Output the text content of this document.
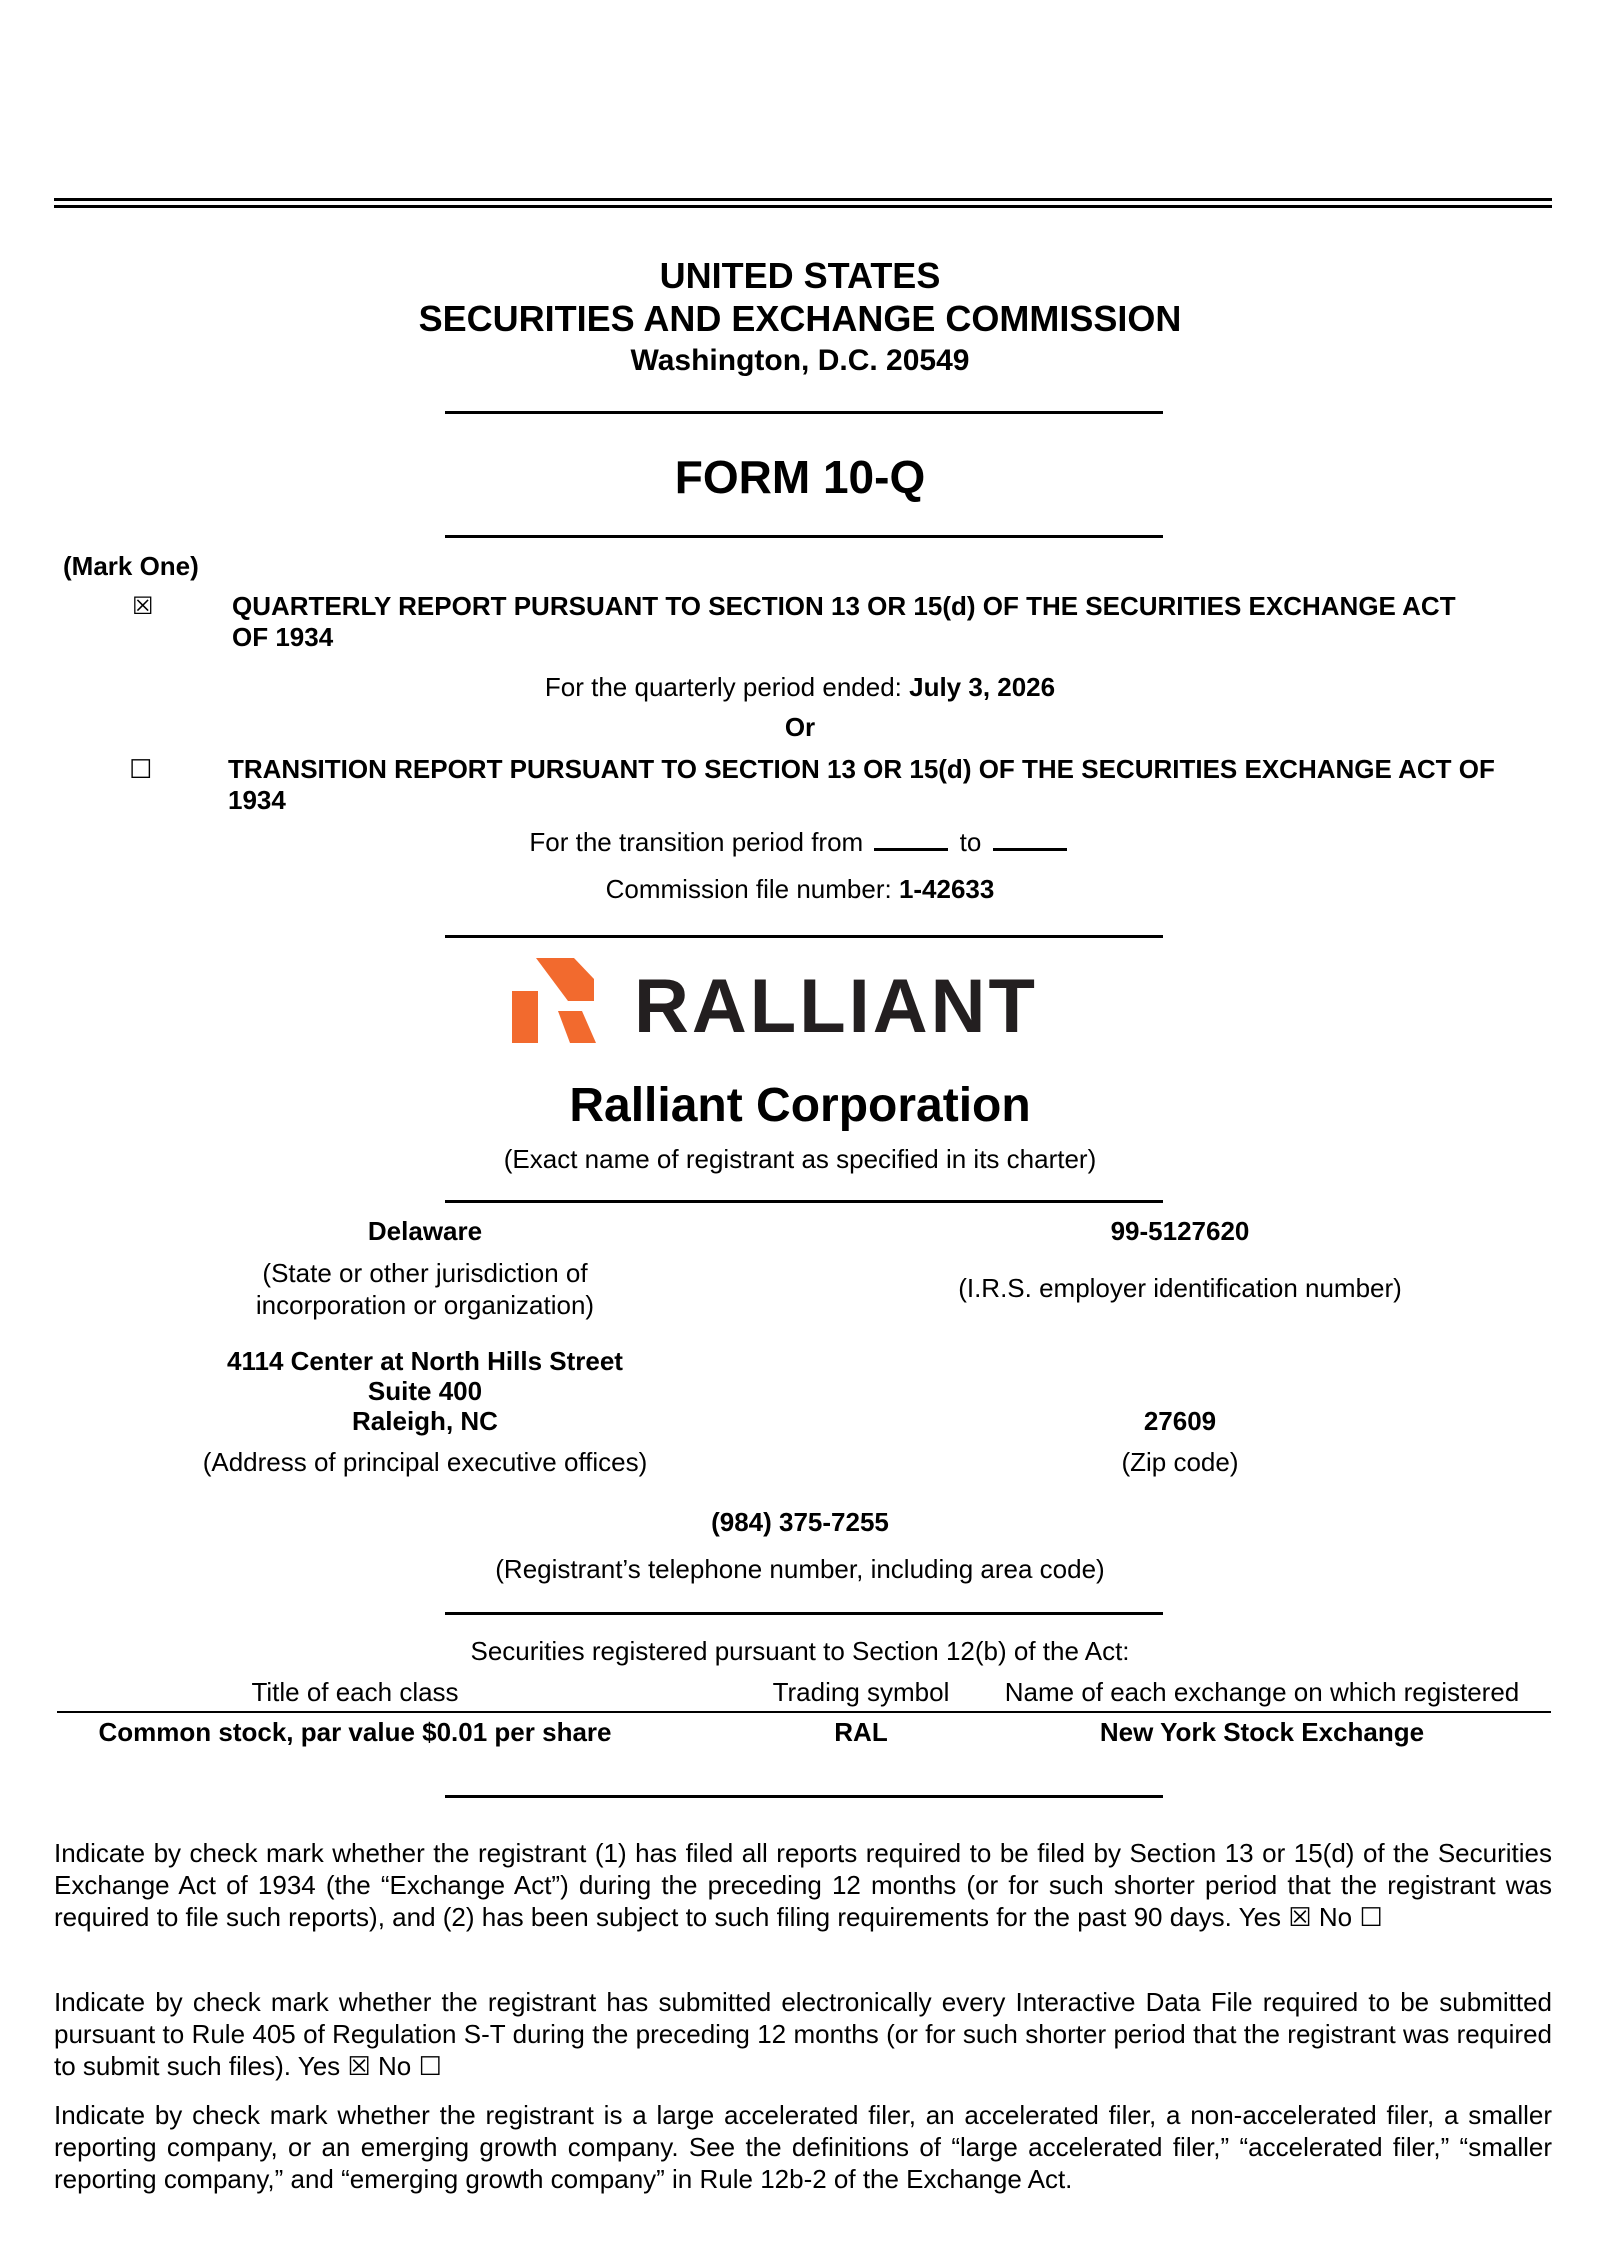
UNITED STATES
SECURITIES AND EXCHANGE COMMISSION
Washington, D.C. 20549
FORM 10-Q
(Mark One)
☒	QUARTERLY REPORT PURSUANT TO SECTION 13 OR 15(d) OF THE SECURITIES EXCHANGE ACT
OF 1934
For the quarterly period ended: July 3, 2026
Or
☐	TRANSITION REPORT PURSUANT TO SECTION 13 OR 15(d) OF THE SECURITIES EXCHANGE ACT OF
1934
For the transition period from	to
Commission file number: 1-42633
RALLIANT
Ralliant Corporation
(Exact name of registrant as specified in its charter)
Delaware
(State or other jurisdiction of
incorporation or organization)
99-5127620
(I.R.S. employer identification number)
4114 Center at North Hills Street
Suite 400
Raleigh, NC
(Address of principal executive offices)
27609
(Zip code)
(984) 375-7255
(Registrant’s telephone number, including area code)
Securities registered pursuant to Section 12(b) of the Act:
Title of each class	Trading symbol	Name of each exchange on which registered
Common stock, par value $0.01 per share	RAL	New York Stock Exchange
Indicate by check mark whether the registrant (1) has filed all reports required to be filed by Section 13 or 15(d) of the Securities Exchange Act of 1934 (the “Exchange Act”) during the preceding 12 months (or for such shorter period that the registrant was required to file such reports), and (2) has been subject to such filing requirements for the past 90 days. Yes ☒ No ☐
Indicate by check mark whether the registrant has submitted electronically every Interactive Data File required to be submitted pursuant to Rule 405 of Regulation S-T during the preceding 12 months (or for such shorter period that the registrant was required to submit such files). Yes ☒ No ☐
Indicate by check mark whether the registrant is a large accelerated filer, an accelerated filer, a non-accelerated filer, a smaller reporting company, or an emerging growth company. See the definitions of “large accelerated filer,” “accelerated filer,” “smaller reporting company,” and “emerging growth company” in Rule 12b-2 of the Exchange Act.
